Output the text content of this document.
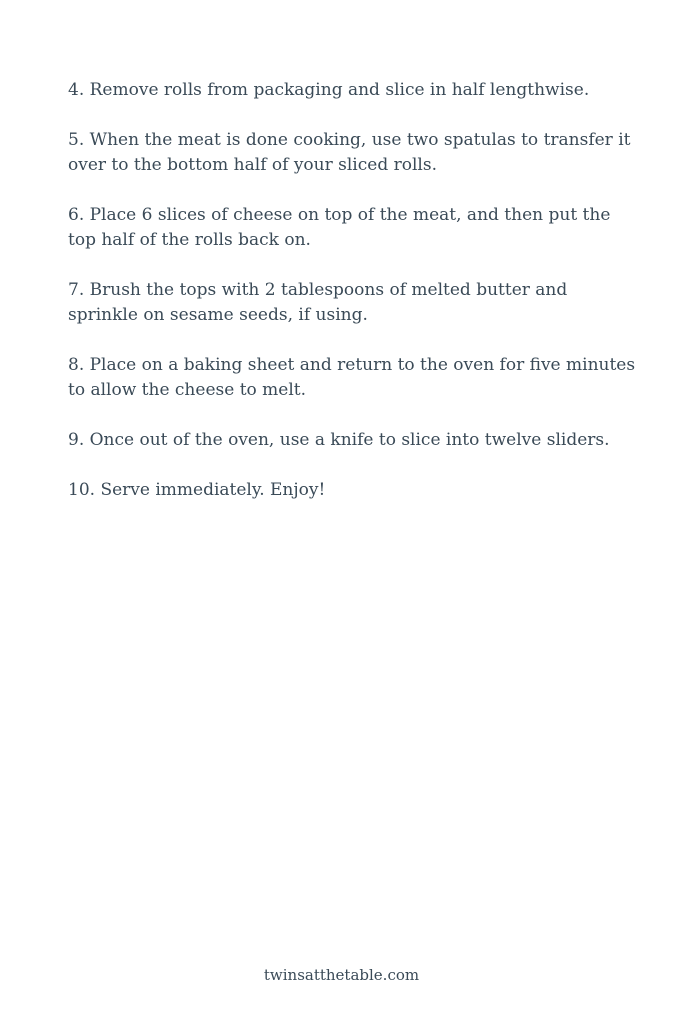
4. Remove rolls from packaging and slice in half lengthwise.

5. When the meat is done cooking, use two spatulas to transfer it over to the bottom half of your sliced rolls.

6. Place 6 slices of cheese on top of the meat, and then put the top half of the rolls back on.

7. Brush the tops with 2 tablespoons of melted butter and sprinkle on sesame seeds, if using.

8. Place on a baking sheet and return to the oven for five minutes to allow the cheese to melt.

9. Once out of the oven, use a knife to slice into twelve sliders.

10. Serve immediately. Enjoy!

twinsatthetable.com
